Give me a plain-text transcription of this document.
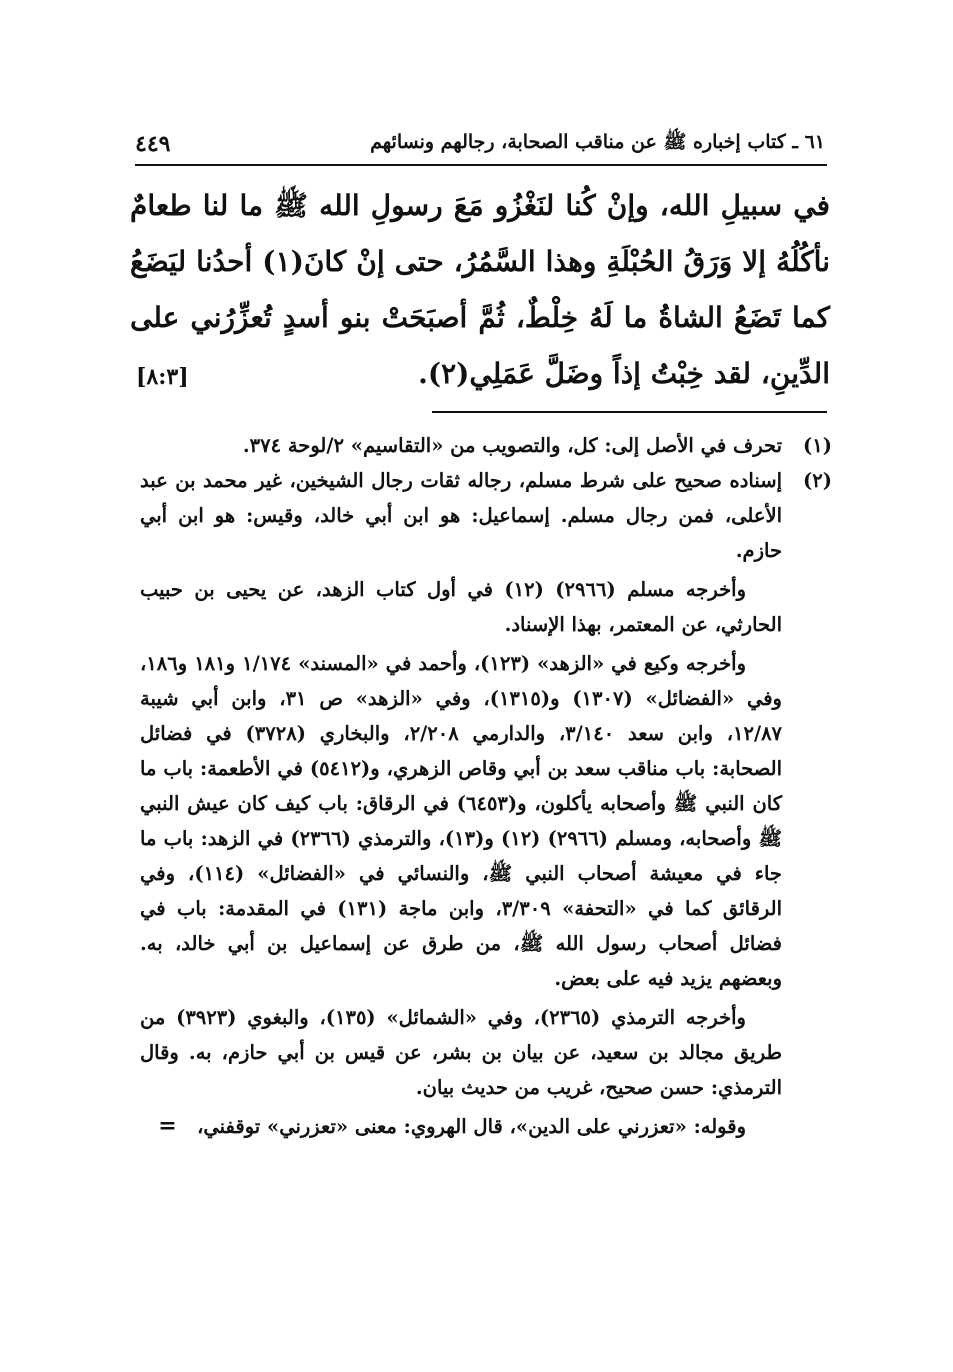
٦١ ـ كتاب إخباره ﷺ عن مناقب الصحابة، رجالهم ونسائهم
٤٤٩
في سبيلِ الله، وإنْ كُنا لنَغْزُو مَعَ رسولِ الله ﷺ ما لنا طعامٌ نأكُلُهُ إلا وَرَقُ الحُبْلَةِ وهذا السَّمُرُ، حتى إنْ كانَ(١) أحدُنا ليَضَعُ كما تَضَعُ الشاةُ ما لَهُ خِلْطٌ، ثُمَّ أصبَحَتْ بنو أسدٍ تُعزِّرُني على الدِّينِ، لقد خِبْتُ إذاً وضَلَّ عَمَلِي(٢).
[٨:٣]
(١)

تحرف في الأصل إلى: كل، والتصويب من «التقاسيم» ٢/لوحة ٣٧٤.

(٢)

إسناده صحيح على شرط مسلم، رجاله ثقات رجال الشيخين، غير محمد بن عبد الأعلى، فمن رجال مسلم. إسماعيل: هو ابن أبي خالد، وقيس: هو ابن أبي حازم.

وأخرجه مسلم (٢٩٦٦) (١٢) في أول كتاب الزهد، عن يحيى بن حبيب الحارثي، عن المعتمر، بهذا الإسناد.

وأخرجه وكيع في «الزهد» (١٢٣)، وأحمد في «المسند» ١/١٧٤ و١٨١ و١٨٦، وفي «الفضائل» (١٣٠٧) و(١٣١٥)، وفي «الزهد» ص ٣١، وابن أبي شيبة ١٢/٨٧، وابن سعد ٣/١٤٠، والدارمي ٢/٢٠٨، والبخاري (٣٧٢٨) في فضائل الصحابة: باب مناقب سعد بن أبي وقاص الزهري، و(٥٤١٢) في الأطعمة: باب ما كان النبي ﷺ وأصحابه يأكلون، و(٦٤٥٣) في الرقاق: باب كيف كان عيش النبي ﷺ وأصحابه، ومسلم (٢٩٦٦) (١٢) و(١٣)، والترمذي (٢٣٦٦) في الزهد: باب ما جاء في معيشة أصحاب النبي ﷺ، والنسائي في «الفضائل» (١١٤)، وفي الرقائق كما في «التحفة» ٣/٣٠٩، وابن ماجة (١٣١) في المقدمة: باب في فضائل أصحاب رسول الله ﷺ، من طرق عن إسماعيل بن أبي خالد، به. وبعضهم يزيد فيه على بعض.

وأخرجه الترمذي (٢٣٦٥)، وفي «الشمائل» (١٣٥)، والبغوي (٣٩٢٣) من طريق مجالد بن سعيد، عن بيان بن بشر، عن قيس بن أبي حازم، به. وقال الترمذي: حسن صحيح، غريب من حديث بيان.

وقوله: «تعزرني على الدين»، قال الهروي: معنى «تعزرني» توقفني،   =
